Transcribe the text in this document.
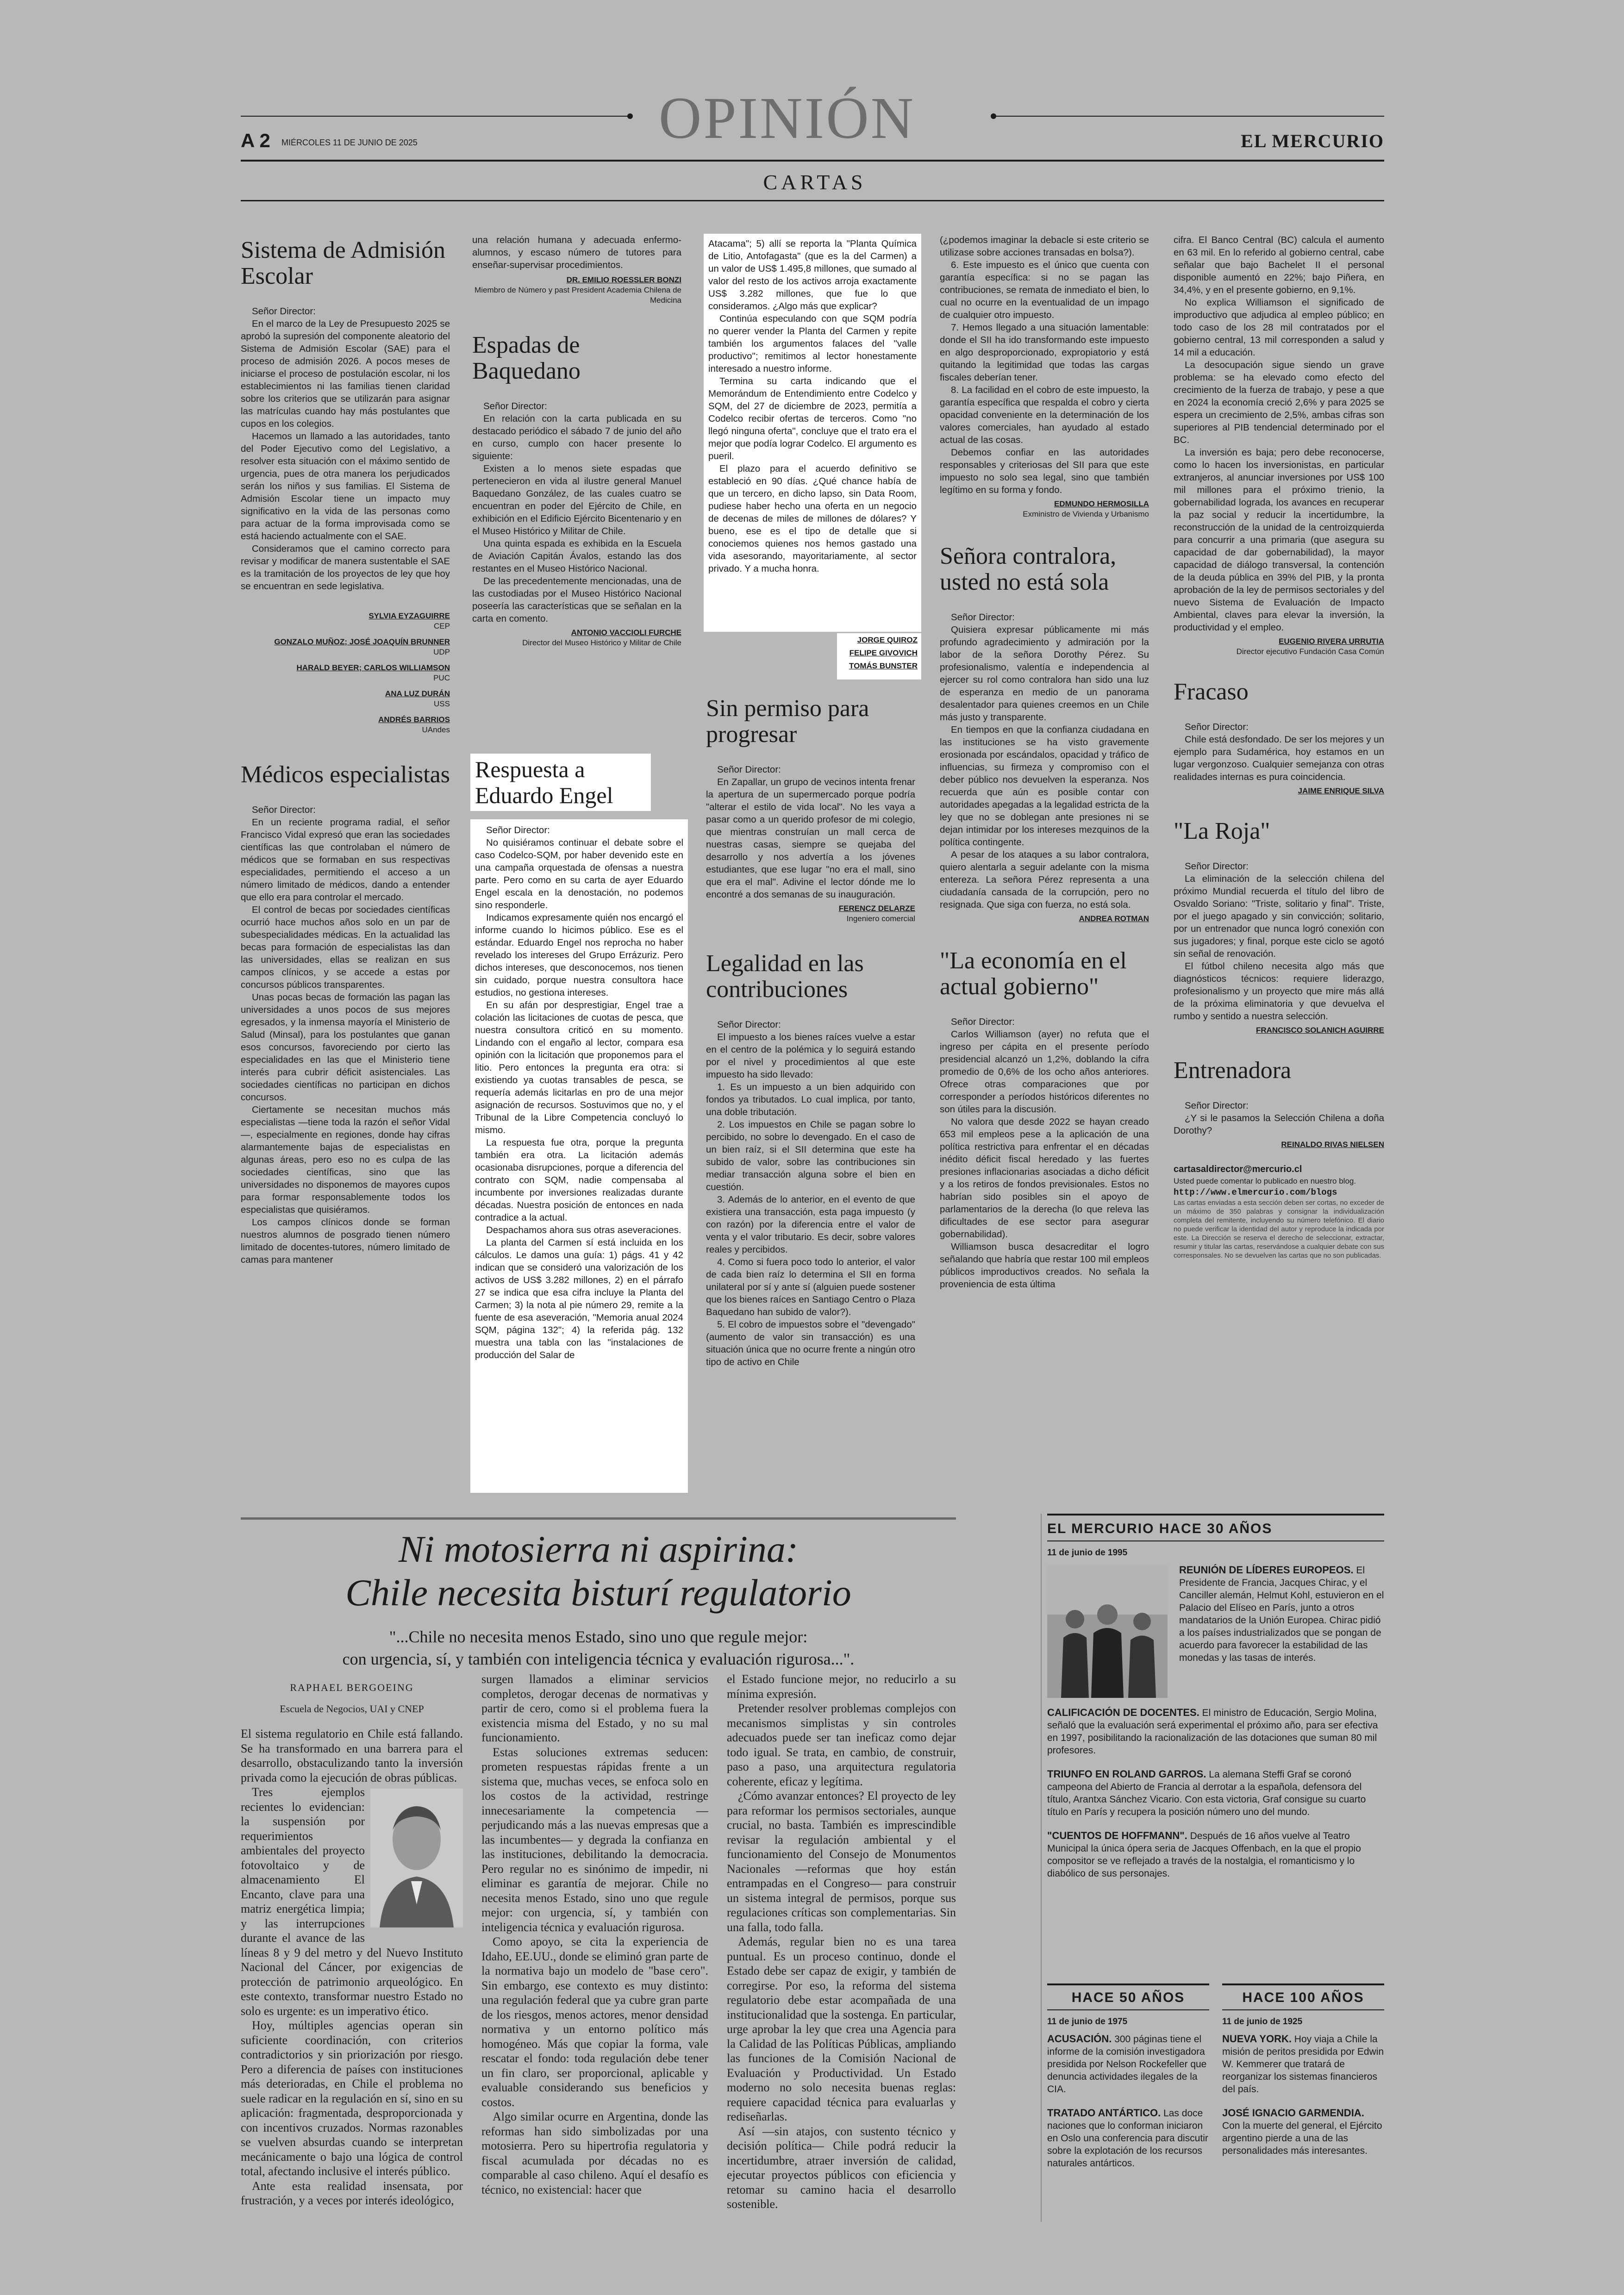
OPINIÓN
A 2 MIÉRCOLES 11 DE JUNIO DE 2025	EL MERCURIO
CARTAS
Sistema de Admisión Escolar

Señor Director:

En el marco de la Ley de Presupuesto 2025 se aprobó la supresión del componente aleatorio del Sistema de Admisión Escolar (SAE) para el proceso de admisión 2026. A pocos meses de iniciarse el proceso de postulación escolar, ni los establecimientos ni las familias tienen claridad sobre los criterios que se utilizarán para asignar las matrículas cuando hay más postulantes que cupos en los colegios.

Hacemos un llamado a las autoridades, tanto del Poder Ejecutivo como del Legislativo, a resolver esta situación con el máximo sentido de urgencia, pues de otra manera los perjudicados serán los niños y sus familias. El Sistema de Admisión Escolar tiene un impacto muy significativo en la vida de las personas como para actuar de la forma improvisada como se está haciendo actualmente con el SAE.

Consideramos que el camino correcto para revisar y modificar de manera sustentable el SAE es la tramitación de los proyectos de ley que hoy se encuentran en sede legislativa.

SYLVIA EYZAGUIRRE
CEP
GONZALO MUÑOZ; JOSÉ JOAQUÍN BRUNNER
UDP
HARALD BEYER; CARLOS WILLIAMSON
PUC
ANA LUZ DURÁN
USS
ANDRÉS BARRIOS
UAndes
Médicos especialistas

Señor Director:

En un reciente programa radial, el señor Francisco Vidal expresó que eran las sociedades científicas las que controlaban el número de médicos que se formaban en sus respectivas especialidades, permitiendo el acceso a un número limitado de médicos, dando a entender que ello era para controlar el mercado.

El control de becas por sociedades científicas ocurrió hace muchos años solo en un par de subespecialidades médicas. En la actualidad las becas para formación de especialistas las dan las universidades, ellas se realizan en sus campos clínicos, y se accede a estas por concursos públicos transparentes.

Unas pocas becas de formación las pagan las universidades a unos pocos de sus mejores egresados, y la inmensa mayoría el Ministerio de Salud (Minsal), para los postulantes que ganan esos concursos, favoreciendo por cierto las especialidades en las que el Ministerio tiene interés para cubrir déficit asistenciales. Las sociedades científicas no participan en dichos concursos.

Ciertamente se necesitan muchos más especialistas —tiene toda la razón el señor Vidal—, especialmente en regiones, donde hay cifras alarmantemente bajas de especialistas en algunas áreas, pero eso no es culpa de las sociedades científicas, sino que las universidades no disponemos de mayores cupos para formar responsablemente todos los especialistas que quisiéramos.

Los campos clínicos donde se forman nuestros alumnos de posgrado tienen número limitado de docentes-tutores, número limitado de camas para mantener

una relación humana y adecuada enfermo-alumnos, y escaso número de tutores para enseñar-supervisar procedimientos.

DR. EMILIO ROESSLER BONZI
Miembro de Número y past President Academia Chilena de Medicina
Espadas de Baquedano

Señor Director:

En relación con la carta publicada en su destacado periódico el sábado 7 de junio del año en curso, cumplo con hacer presente lo siguiente:

Existen a lo menos siete espadas que pertenecieron en vida al ilustre general Manuel Baquedano González, de las cuales cuatro se encuentran en poder del Ejército de Chile, en exhibición en el Edificio Ejército Bicentenario y en el Museo Histórico y Militar de Chile.

Una quinta espada es exhibida en la Escuela de Aviación Capitán Ávalos, estando las dos restantes en el Museo Histórico Nacional.

De las precedentemente mencionadas, una de las custodiadas por el Museo Histórico Nacional poseería las características que se señalan en la carta en comento.

ANTONIO VACCIOLI FURCHE
Director del Museo Histórico y Militar de Chile
Respuesta a Eduardo Engel

Señor Director:

No quisiéramos continuar el debate sobre el caso Codelco-SQM, por haber devenido este en una campaña orquestada de ofensas a nuestra parte. Pero como en su carta de ayer Eduardo Engel escala en la denostación, no podemos sino responderle.

Indicamos expresamente quién nos encargó el informe cuando lo hicimos público. Ese es el estándar. Eduardo Engel nos reprocha no haber revelado los intereses del Grupo Errázuriz. Pero dichos intereses, que desconocemos, nos tienen sin cuidado, porque nuestra consultora hace estudios, no gestiona intereses.

En su afán por desprestigiar, Engel trae a colación las licitaciones de cuotas de pesca, que nuestra consultora criticó en su momento. Lindando con el engaño al lector, compara esa opinión con la licitación que proponemos para el litio. Pero entonces la pregunta era otra: si existiendo ya cuotas transables de pesca, se requería además licitarlas en pro de una mejor asignación de recursos. Sostuvimos que no, y el Tribunal de la Libre Competencia concluyó lo mismo.

La respuesta fue otra, porque la pregunta también era otra. La licitación además ocasionaba disrupciones, porque a diferencia del contrato con SQM, nadie compensaba al incumbente por inversiones realizadas durante décadas. Nuestra posición de entonces en nada contradice a la actual.

Despachamos ahora sus otras aseveraciones.

La planta del Carmen sí está incluida en los cálculos. Le damos una guía: 1) págs. 41 y 42 indican que se consideró una valorización de los activos de US$ 3.282 millones, 2) en el párrafo 27 se indica que esa cifra incluye la Planta del Carmen; 3) la nota al pie número 29, remite a la fuente de esa aseveración, "Memoria anual 2024 SQM, página 132"; 4) la referida pág. 132 muestra una tabla con las "instalaciones de producción del Salar de

Atacama"; 5) allí se reporta la "Planta Química de Litio, Antofagasta" (que es la del Carmen) a un valor de US$ 1.495,8 millones, que sumado al valor del resto de los activos arroja exactamente US$ 3.282 millones, que fue lo que consideramos. ¿Algo más que explicar?

Continúa especulando con que SQM podría no querer vender la Planta del Carmen y repite también los argumentos falaces del "valle productivo"; remitimos al lector honestamente interesado a nuestro informe.

Termina su carta indicando que el Memorándum de Entendimiento entre Codelco y SQM, del 27 de diciembre de 2023, permitía a Codelco recibir ofertas de terceros. Como "no llegó ninguna oferta", concluye que el trato era el mejor que podía lograr Codelco. El argumento es pueril.

El plazo para el acuerdo definitivo se estableció en 90 días. ¿Qué chance había de que un tercero, en dicho lapso, sin Data Room, pudiese haber hecho una oferta en un negocio de decenas de miles de millones de dólares? Y bueno, ese es el tipo de detalle que si conociemos quienes nos hemos gastado una vida asesorando, mayoritariamente, al sector privado. Y a mucha honra.

JORGE QUIROZ
FELIPE GIVOVICH
TOMÁS BUNSTER
Sin permiso para progresar

Señor Director:

En Zapallar, un grupo de vecinos intenta frenar la apertura de un supermercado porque podría "alterar el estilo de vida local". No les vaya a pasar como a un querido profesor de mi colegio, que mientras construían un mall cerca de nuestras casas, siempre se quejaba del desarrollo y nos advertía a los jóvenes estudiantes, que ese lugar "no era el mall, sino que era el mal". Adivine el lector dónde me lo encontré a dos semanas de su inauguración.

FERENCZ DELARZE
Ingeniero comercial
Legalidad en las contribuciones

Señor Director:

El impuesto a los bienes raíces vuelve a estar en el centro de la polémica y lo seguirá estando por el nivel y procedimientos al que este impuesto ha sido llevado:

1. Es un impuesto a un bien adquirido con fondos ya tributados. Lo cual implica, por tanto, una doble tributación.

2. Los impuestos en Chile se pagan sobre lo percibido, no sobre lo devengado. En el caso de un bien raíz, si el SII determina que este ha subido de valor, sobre las contribuciones sin mediar transacción alguna sobre el bien en cuestión.

3. Además de lo anterior, en el evento de que existiera una transacción, esta paga impuesto (y con razón) por la diferencia entre el valor de venta y el valor tributario. Es decir, sobre valores reales y percibidos.

4. Como si fuera poco todo lo anterior, el valor de cada bien raíz lo determina el SII en forma unilateral por sí y ante sí (alguien puede sostener que los bienes raíces en Santiago Centro o Plaza Baquedano han subido de valor?).

5. El cobro de impuestos sobre el "devengado" (aumento de valor sin transacción) es una situación única que no ocurre frente a ningún otro tipo de activo en Chile

(¿podemos imaginar la debacle si este criterio se utilizase sobre acciones transadas en bolsa?).

6. Este impuesto es el único que cuenta con garantía específica: si no se pagan las contribuciones, se remata de inmediato el bien, lo cual no ocurre en la eventualidad de un impago de cualquier otro impuesto.

7. Hemos llegado a una situación lamentable: donde el SII ha ido transformando este impuesto en algo desproporcionado, expropiatorio y está quitando la legitimidad que todas las cargas fiscales deberían tener.

8. La facilidad en el cobro de este impuesto, la garantía específica que respalda el cobro y cierta opacidad conveniente en la determinación de los valores comerciales, han ayudado al estado actual de las cosas.

Debemos confiar en las autoridades responsables y criteriosas del SII para que este impuesto no solo sea legal, sino que también legítimo en su forma y fondo.

EDMUNDO HERMOSILLA
Exministro de Vivienda y Urbanismo
Señora contralora, usted no está sola

Señor Director:

Quisiera expresar públicamente mi más profundo agradecimiento y admiración por la labor de la señora Dorothy Pérez. Su profesionalismo, valentía e independencia al ejercer su rol como contralora han sido una luz de esperanza en medio de un panorama desalentador para quienes creemos en un Chile más justo y transparente.

En tiempos en que la confianza ciudadana en las instituciones se ha visto gravemente erosionada por escándalos, opacidad y tráfico de influencias, su firmeza y compromiso con el deber público nos devuelven la esperanza. Nos recuerda que aún es posible contar con autoridades apegadas a la legalidad estricta de la ley que no se doblegan ante presiones ni se dejan intimidar por los intereses mezquinos de la política contingente.

A pesar de los ataques a su labor contralora, quiero alentarla a seguir adelante con la misma entereza. La señora Pérez representa a una ciudadanía cansada de la corrupción, pero no resignada. Que siga con fuerza, no está sola.

ANDREA ROTMAN
"La economía en el actual gobierno"

Señor Director:

Carlos Williamson (ayer) no refuta que el ingreso per cápita en el presente período presidencial alcanzó un 1,2%, doblando la cifra promedio de 0,6% de los ocho años anteriores. Ofrece otras comparaciones que por corresponder a períodos históricos diferentes no son útiles para la discusión.

No valora que desde 2022 se hayan creado 653 mil empleos pese a la aplicación de una política restrictiva para enfrentar el en décadas inédito déficit fiscal heredado y las fuertes presiones inflacionarias asociadas a dicho déficit y a los retiros de fondos previsionales. Estos no habrían sido posibles sin el apoyo de parlamentarios de la derecha (lo que releva las dificultades de ese sector para asegurar gobernabilidad).

Williamson busca desacreditar el logro señalando que habría que restar 100 mil empleos públicos improductivos creados. No señala la proveniencia de esta última

cifra. El Banco Central (BC) calcula el aumento en 63 mil. En lo referido al gobierno central, cabe señalar que bajo Bachelet II el personal disponible aumentó en 22%; bajo Piñera, en 34,4%, y en el presente gobierno, en 9,1%.

No explica Williamson el significado de improductivo que adjudica al empleo público; en todo caso de los 28 mil contratados por el gobierno central, 13 mil corresponden a salud y 14 mil a educación.

La desocupación sigue siendo un grave problema: se ha elevado como efecto del crecimiento de la fuerza de trabajo, y pese a que en 2024 la economía creció 2,6% y para 2025 se espera un crecimiento de 2,5%, ambas cifras son superiores al PIB tendencial determinado por el BC.

La inversión es baja; pero debe reconocerse, como lo hacen los inversionistas, en particular extranjeros, al anunciar inversiones por US$ 100 mil millones para el próximo trienio, la gobernabilidad lograda, los avances en recuperar la paz social y reducir la incertidumbre, la reconstrucción de la unidad de la centroizquierda para concurrir a una primaria (que asegura su capacidad de dar gobernabilidad), la mayor capacidad de diálogo transversal, la contención de la deuda pública en 39% del PIB, y la pronta aprobación de la ley de permisos sectoriales y del nuevo Sistema de Evaluación de Impacto Ambiental, claves para elevar la inversión, la productividad y el empleo.

EUGENIO RIVERA URRUTIA
Director ejecutivo Fundación Casa Común
Fracaso

Señor Director:

Chile está desfondado. De ser los mejores y un ejemplo para Sudamérica, hoy estamos en un lugar vergonzoso. Cualquier semejanza con otras realidades internas es pura coincidencia.

JAIME ENRIQUE SILVA
"La Roja"

Señor Director:

La eliminación de la selección chilena del próximo Mundial recuerda el título del libro de Osvaldo Soriano: "Triste, solitario y final". Triste, por el juego apagado y sin convicción; solitario, por un entrenador que nunca logró conexión con sus jugadores; y final, porque este ciclo se agotó sin señal de renovación.

El fútbol chileno necesita algo más que diagnósticos técnicos: requiere liderazgo, profesionalismo y un proyecto que mire más allá de la próxima eliminatoria y que devuelva el rumbo y sentido a nuestra selección.

FRANCISCO SOLANICH AGUIRRE
Entrenadora

Señor Director:

¿Y si le pasamos la Selección Chilena a doña Dorothy?

REINALDO RIVAS NIELSEN
cartasaldirector@mercurio.cl
Usted puede comentar lo publicado en nuestro blog.
http://www.elmercurio.com/blogs
Las cartas enviadas a esta sección deben ser cortas, no exceder de un máximo de 350 palabras y consignar la individualización completa del remitente, incluyendo su número telefónico. El diario no puede verificar la identidad del autor y reproduce la indicada por este. La Dirección se reserva el derecho de seleccionar, extractar, resumir y titular las cartas, reservándose a cualquier debate con sus corresponsales. No se devuelven las cartas que no son publicadas.
Ni motosierra ni aspirina:
Chile necesita bisturí regulatorio
"...Chile no necesita menos Estado, sino uno que regule mejor:
con urgencia, sí, y también con inteligencia técnica y evaluación rigurosa...".
RAPHAEL BERGOEING
Escuela de Negocios, UAI y CNEP

El sistema regulatorio en Chile está fallando. Se ha transformado en una barrera para el desarrollo, obstaculizando tanto la inversión privada como la ejecución de obras públicas.

Tres ejemplos recientes lo evidencian: la suspensión por requerimientos ambientales del proyecto fotovoltaico y de almacenamiento El Encanto, clave para una matriz energética limpia; y las interrupciones durante el avance de las líneas 8 y 9 del metro y del Nuevo Instituto Nacional del Cáncer, por exigencias de protección de patrimonio arqueológico. En este contexto, transformar nuestro Estado no solo es urgente: es un imperativo ético.

Hoy, múltiples agencias operan sin suficiente coordinación, con criterios contradictorios y sin priorización por riesgo. Pero a diferencia de países con instituciones más deterioradas, en Chile el problema no suele radicar en la regulación en sí, sino en su aplicación: fragmentada, desproporcionada y con incentivos cruzados. Normas razonables se vuelven absurdas cuando se interpretan mecánicamente o bajo una lógica de control total, afectando inclusive el interés público.

Ante esta realidad insensata, por frustración, y a veces por interés ideológico,

surgen llamados a eliminar servicios completos, derogar decenas de normativas y partir de cero, como si el problema fuera la existencia misma del Estado, y no su mal funcionamiento.

Estas soluciones extremas seducen: prometen respuestas rápidas frente a un sistema que, muchas veces, se enfoca solo en los costos de la actividad, restringe innecesariamente la competencia —perjudicando más a las nuevas empresas que a las incumbentes— y degrada la confianza en las instituciones, debilitando la democracia. Pero regular no es sinónimo de impedir, ni eliminar es garantía de mejorar. Chile no necesita menos Estado, sino uno que regule mejor: con urgencia, sí, y también con inteligencia técnica y evaluación rigurosa.

Como apoyo, se cita la experiencia de Idaho, EE.UU., donde se eliminó gran parte de la normativa bajo un modelo de "base cero". Sin embargo, ese contexto es muy distinto: una regulación federal que ya cubre gran parte de los riesgos, menos actores, menor densidad normativa y un entorno político más homogéneo. Más que copiar la forma, vale rescatar el fondo: toda regulación debe tener un fin claro, ser proporcional, aplicable y evaluable considerando sus beneficios y costos.

Algo similar ocurre en Argentina, donde las reformas han sido simbolizadas por una motosierra. Pero su hipertrofia regulatoria y fiscal acumulada por décadas no es comparable al caso chileno. Aquí el desafío es técnico, no existencial: hacer que

el Estado funcione mejor, no reducirlo a su mínima expresión.

Pretender resolver problemas complejos con mecanismos simplistas y sin controles adecuados puede ser tan ineficaz como dejar todo igual. Se trata, en cambio, de construir, paso a paso, una arquitectura regulatoria coherente, eficaz y legítima.

¿Cómo avanzar entonces? El proyecto de ley para reformar los permisos sectoriales, aunque crucial, no basta. También es imprescindible revisar la regulación ambiental y el funcionamiento del Consejo de Monumentos Nacionales —reformas que hoy están entrampadas en el Congreso— para construir un sistema integral de permisos, porque sus regulaciones críticas son complementarias. Sin una falla, todo falla.

Además, regular bien no es una tarea puntual. Es un proceso continuo, donde el Estado debe ser capaz de exigir, y también de corregirse. Por eso, la reforma del sistema regulatorio debe estar acompañada de una institucionalidad que la sostenga. En particular, urge aprobar la ley que crea una Agencia para la Calidad de las Políticas Públicas, ampliando las funciones de la Comisión Nacional de Evaluación y Productividad. Un Estado moderno no solo necesita buenas reglas: requiere capacidad técnica para evaluarlas y rediseñarlas.

Así —sin atajos, con sustento técnico y decisión política— Chile podrá reducir la incertidumbre, atraer inversión de calidad, ejecutar proyectos públicos con eficiencia y retomar su camino hacia el desarrollo sostenible.

EL MERCURIO HACE 30 AÑOS
11 de junio de 1995
REUNIÓN DE LÍDERES EUROPEOS. El Presidente de Francia, Jacques Chirac, y el Canciller alemán, Helmut Kohl, estuvieron en el Palacio del Elíseo en París, junto a otros mandatarios de la Unión Europea. Chirac pidió a los países industrializados que se pongan de acuerdo para favorecer la estabilidad de las monedas y las tasas de interés.

CALIFICACIÓN DE DOCENTES. El ministro de Educación, Sergio Molina, señaló que la evaluación será experimental el próximo año, para ser efectiva en 1997, posibilitando la racionalización de las dotaciones que suman 80 mil profesores.

TRIUNFO EN ROLAND GARROS. La alemana Steffi Graf se coronó campeona del Abierto de Francia al derrotar a la española, defensora del título, Arantxa Sánchez Vicario. Con esta victoria, Graf consigue su cuarto título en París y recupera la posición número uno del mundo.

"CUENTOS DE HOFFMANN". Después de 16 años vuelve al Teatro Municipal la única ópera seria de Jacques Offenbach, en la que el propio compositor se ve reflejado a través de la nostalgia, el romanticismo y lo diabólico de sus personajes.

HACE 50 AÑOS
11 de junio de 1975

ACUSACIÓN. 300 páginas tiene el informe de la comisión investigadora presidida por Nelson Rockefeller que denuncia actividades ilegales de la CIA.

TRATADO ANTÁRTICO. Las doce naciones que lo conforman iniciaron en Oslo una conferencia para discutir sobre la explotación de los recursos naturales antárticos.

HACE 100 AÑOS
11 de junio de 1925

NUEVA YORK. Hoy viaja a Chile la misión de peritos presidida por Edwin W. Kemmerer que tratará de reorganizar los sistemas financieros del país.

JOSÉ IGNACIO GARMENDIA. Con la muerte del general, el Ejército argentino pierde a una de las personalidades más interesantes.
